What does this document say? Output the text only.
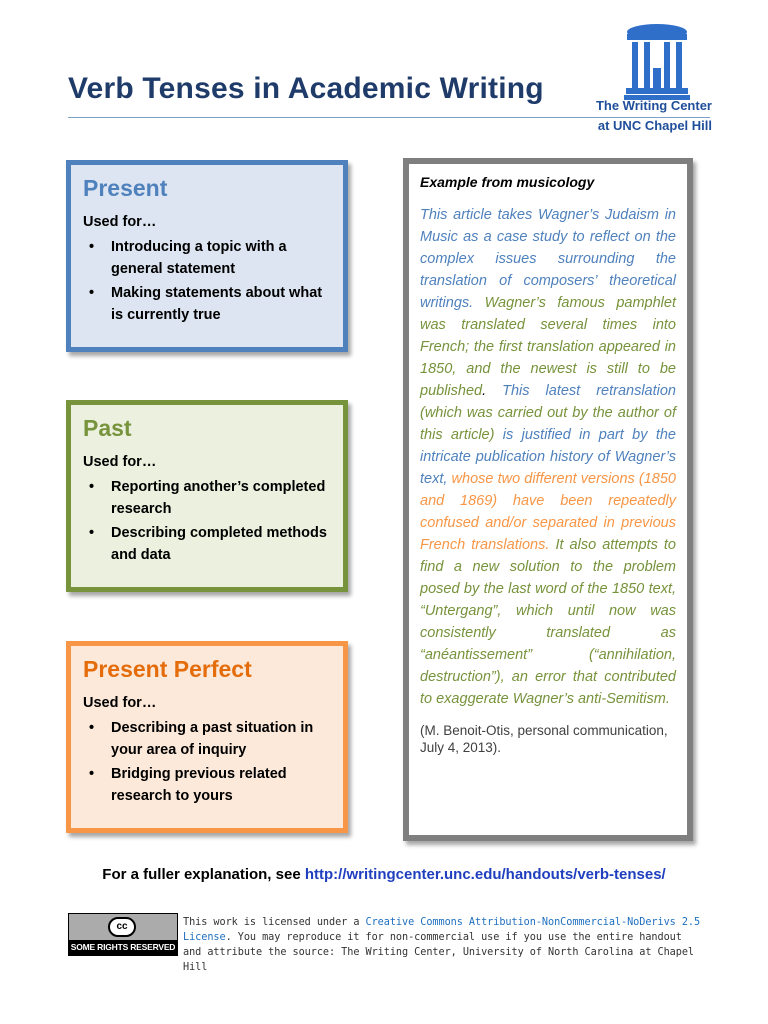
Verb Tenses in Academic Writing
The Writing Center
at UNC Chapel Hill
Present

Used for…

• Introducing a topic with a general statement
• Making statements about what is currently true
Past

Used for…

• Reporting another’s completed research
• Describing completed methods and data
Present Perfect

Used for…

• Describing a past situation in your area of inquiry
• Bridging previous related research to yours

Example from musicology

This article takes Wagner’s Judaism in Music as a case study to reflect on the complex issues surrounding the translation of composers’ theoretical writings. Wagner’s famous pamphlet was translated several times into French; the first translation appeared in 1850, and the newest is still to be published. This latest retranslation (which was carried out by the author of this article) is justified in part by the intricate publication history of Wagner’s text, whose two different versions (1850 and 1869) have been repeatedly confused and/or separated in previous French translations. It also attempts to find a new solution to the problem posed by the last word of the 1850 text, “Untergang”, which until now was consistently translated as “anéantissement” (“annihilation, destruction”), an error that contributed to exaggerate Wagner’s anti-Semitism.

(M. Benoit-Otis, personal communication, July 4, 2013).
For a fuller explanation, see http://writingcenter.unc.edu/handouts/verb-tenses/
cc
SOME RIGHTS RESERVED
This work is licensed under a Creative Commons Attribution-NonCommercial-NoDerivs 2.5 License. You may reproduce it for non-commercial use if you use the entire handout and attribute the source: The Writing Center, University of North Carolina at Chapel Hill
